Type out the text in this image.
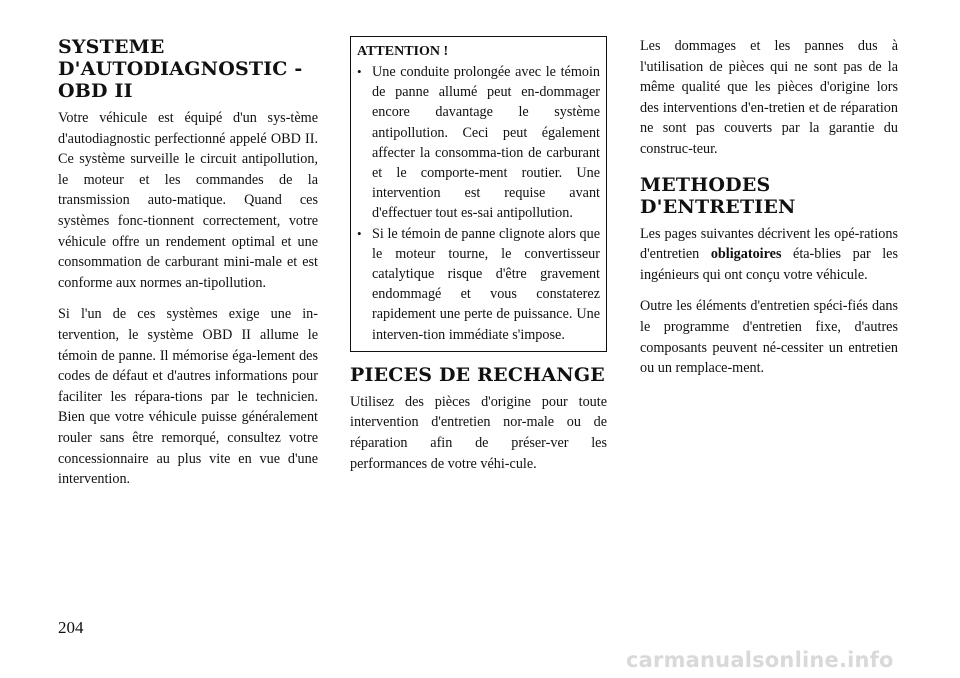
SYSTEME D'AUTODIAGNOSTIC - OBD II

Votre véhicule est équipé d'un sys-tème d'autodiagnostic perfectionné appelé OBD II. Ce système surveille le circuit antipollution, le moteur et les commandes de la transmission auto-matique. Quand ces systèmes fonc-tionnent correctement, votre véhicule offre un rendement optimal et une consommation de carburant mini-male et est conforme aux normes an-tipollution.

Si l'un de ces systèmes exige une in-tervention, le système OBD II allume le témoin de panne. Il mémorise éga-lement des codes de défaut et d'autres informations pour faciliter les répara-tions par le technicien. Bien que votre véhicule puisse généralement rouler sans être remorqué, consultez votre concessionnaire au plus vite en vue d'une intervention.

ATTENTION !
• Une conduite prolongée avec le témoin de panne allumé peut en-dommager encore davantage le système antipollution. Ceci peut également affecter la consomma-tion de carburant et le comporte-ment routier. Une intervention est requise avant d'effectuer tout es-sai antipollution.
• Si le témoin de panne clignote alors que le moteur tourne, le convertisseur catalytique risque d'être gravement endommagé et vous constaterez rapidement une perte de puissance. Une interven-tion immédiate s'impose.
PIECES DE RECHANGE

Utilisez des pièces d'origine pour toute intervention d'entretien nor-male ou de réparation afin de préser-ver les performances de votre véhi-cule.

Les dommages et les pannes dus à l'utilisation de pièces qui ne sont pas de la même qualité que les pièces d'origine lors des interventions d'en-tretien et de réparation ne sont pas couverts par la garantie du construc-teur.

METHODES D'ENTRETIEN

Les pages suivantes décrivent les opé-rations d'entretien obligatoires éta-blies par les ingénieurs qui ont conçu votre véhicule.

Outre les éléments d'entretien spéci-fiés dans le programme d'entretien fixe, d'autres composants peuvent né-cessiter un entretien ou un remplace-ment.

204
carmanualsonline.info
